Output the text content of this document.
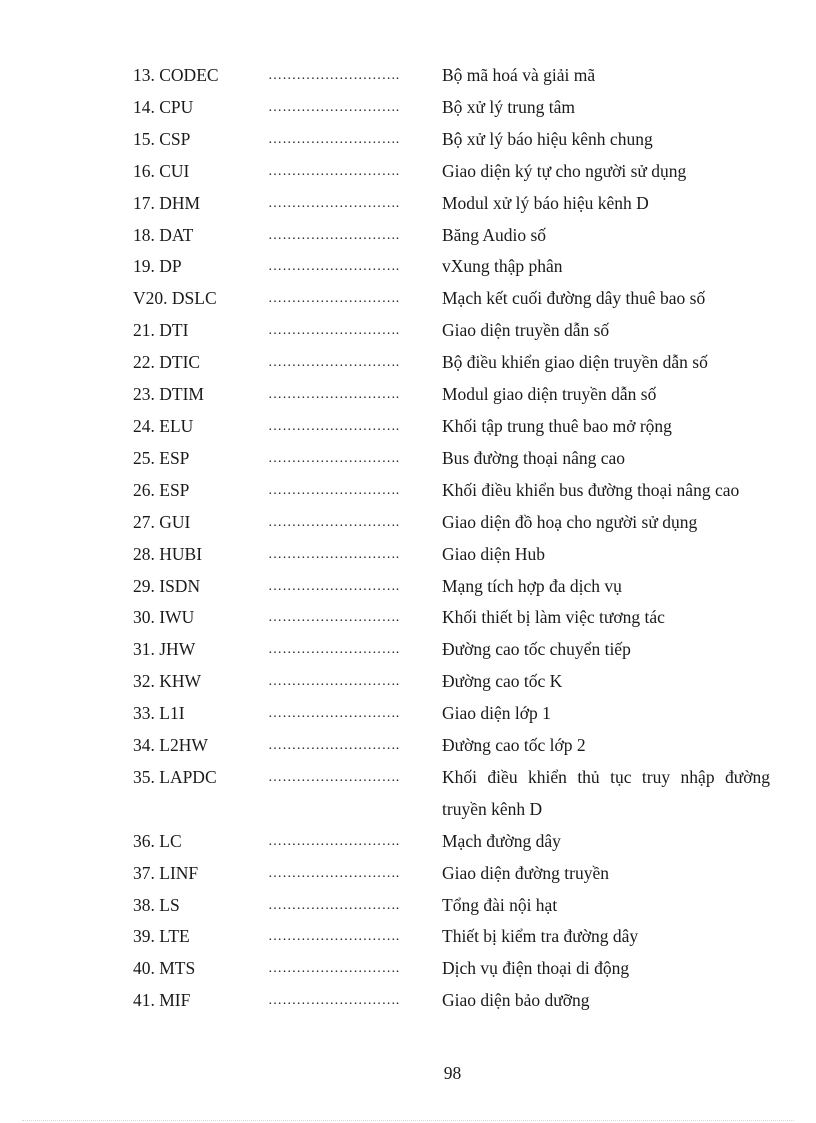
13. CODEC	……………………….	Bộ mã hoá và giải mã
14. CPU	……………………….	Bộ xử lý trung tâm
15. CSP	……………………….	Bộ xử lý báo hiệu kênh chung
16. CUI	……………………….	Giao diện ký tự cho người sử dụng
17. DHM	……………………….	Modul xử lý báo hiệu kênh D
18. DAT	……………………….	Băng Audio số
19. DP	……………………….	vXung thập phân
V20. DSLC	……………………….	Mạch kết cuối đường dây thuê bao số
21. DTI	……………………….	Giao diện truyền dẫn số
22. DTIC	……………………….	Bộ điều khiển giao diện truyền dẫn số
23. DTIM	……………………….	Modul giao diện truyền dẫn số
24. ELU	……………………….	Khối tập trung thuê bao mở rộng
25. ESP	……………………….	Bus đường thoại nâng cao
26. ESP	……………………….	Khối điều khiển bus đường thoại nâng cao
27. GUI	……………………….	Giao diện đồ hoạ cho người sử dụng
28. HUBI	……………………….	Giao diện Hub
29. ISDN	……………………….	Mạng tích hợp đa dịch vụ
30. IWU	……………………….	Khối thiết bị làm việc tương tác
31. JHW	……………………….	Đường cao tốc chuyển tiếp
32. KHW	……………………….	Đường cao tốc K
33. L1I	……………………….	Giao diện lớp 1
34. L2HW	……………………….	Đường cao tốc lớp 2
35. LAPDC	……………………….	Khối điều khiển thủ tục truy nhập đường truyền kênh D
36. LC	……………………….	Mạch đường dây
37. LINF	……………………….	Giao diện đường truyền
38. LS	……………………….	Tổng đài nội hạt
39. LTE	……………………….	Thiết bị kiểm tra đường dây
40. MTS	……………………….	Dịch vụ điện thoại di động
41. MIF	……………………….	Giao diện bảo dưỡng
98
